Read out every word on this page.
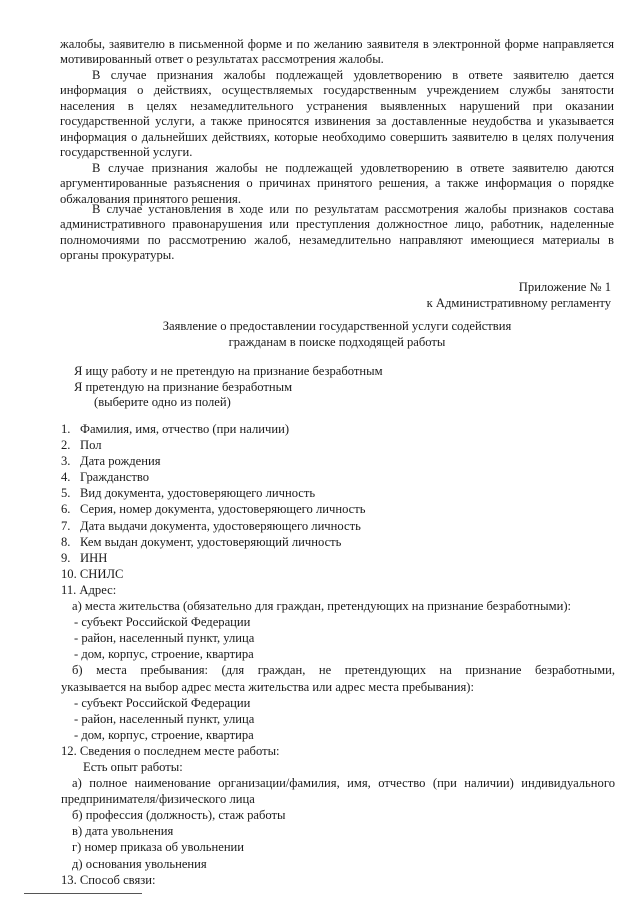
жалобы, заявителю в письменной форме и по желанию заявителя в электронной форме направляется мотивированный ответ о результатах рассмотрения жалобы.

В случае признания жалобы подлежащей удовлетворению в ответе заявителю дается информация о действиях, осуществляемых государственным учреждением службы занятости населения в целях незамедлительного устранения выявленных нарушений при оказании государственной услуги, а также приносятся извинения за доставленные неудобства и указывается информация о дальнейших действиях, которые необходимо совершить заявителю в целях получения государственной услуги.

В случае признания жалобы не подлежащей удовлетворению в ответе заявителю даются аргументированные разъяснения о причинах принятого решения, а также информация о порядке обжалования принятого решения.

В случае установления в ходе или по результатам рассмотрения жалобы признаков состава административного правонарушения или преступления должностное лицо, работник, наделенные полномочиями по рассмотрению жалоб, незамедлительно направляют имеющиеся материалы в органы прокуратуры.

Приложение № 1
к Административному регламенту
Заявление о предоставлении государственной услуги содействия
гражданам в поиске подходящей работы
Я ищу работу и не претендую на признание безработным
Я претендую на признание безработным
(выберите одно из полей)
1. Фамилия, имя, отчество (при наличии)
2. Пол
3. Дата рождения
4. Гражданство
5. Вид документа, удостоверяющего личность
6. Серия, номер документа, удостоверяющего личность
7. Дата выдачи документа, удостоверяющего личность
8. Кем выдан документ, удостоверяющий личность
9. ИНН
10. СНИЛС
11. Адрес:
а) места жительства (обязательно для граждан, претендующих на признание безработными):
- субъект Российской Федерации
- район, населенный пункт, улица
- дом, корпус, строение, квартира
б) места пребывания: (для граждан, не претендующих на признание безработными,
указывается на выбор адрес места жительства или адрес места пребывания):
- субъект Российской Федерации
- район, населенный пункт, улица
- дом, корпус, строение, квартира
12. Сведения о последнем месте работы:
Есть опыт работы:
а) полное наименование организации/фамилия, имя, отчество (при наличии) индивидуального
предпринимателя/физического лица
б) профессия (должность), стаж работы
в) дата увольнения
г) номер приказа об увольнении
д) основания увольнения
13. Способ связи:
